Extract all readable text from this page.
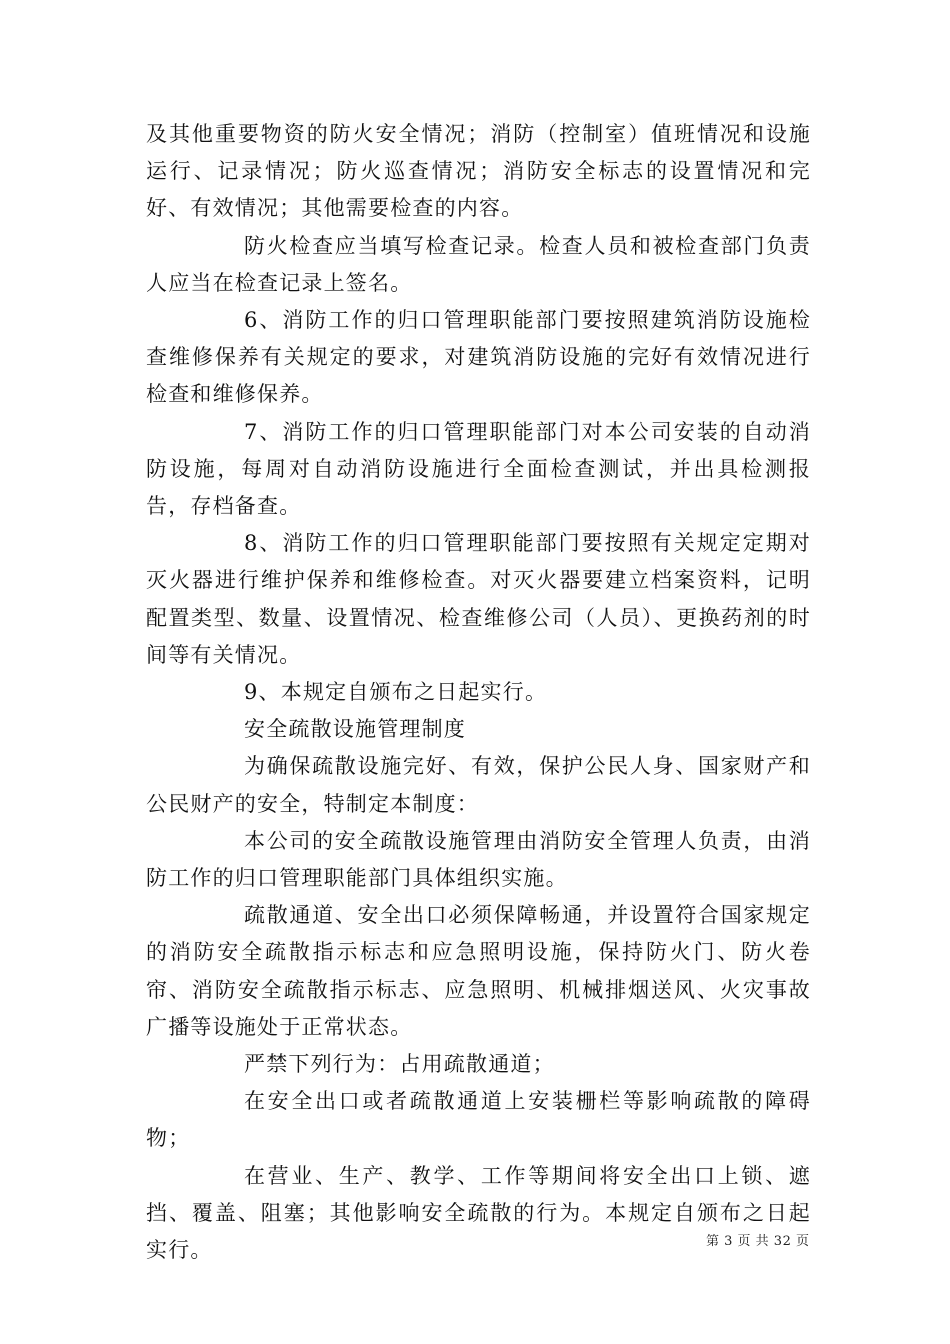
及其他重要物资的防火安全情况；消防（控制室）值班情况和设施运行、记录情况；防火巡查情况；消防安全标志的设置情况和完好、有效情况；其他需要检查的内容。

防火检查应当填写检查记录。检查人员和被检查部门负责人应当在检查记录上签名。

6、消防工作的归口管理职能部门要按照建筑消防设施检查维修保养有关规定的要求，对建筑消防设施的完好有效情况进行检查和维修保养。

7、消防工作的归口管理职能部门对本公司安装的自动消防设施，每周对自动消防设施进行全面检查测试，并出具检测报告，存档备查。

8、消防工作的归口管理职能部门要按照有关规定定期对灭火器进行维护保养和维修检查。对灭火器要建立档案资料，记明配置类型、数量、设置情况、检查维修公司（人员）、更换药剂的时间等有关情况。

9、本规定自颁布之日起实行。

安全疏散设施管理制度

为确保疏散设施完好、有效，保护公民人身、国家财产和公民财产的安全，特制定本制度：

本公司的安全疏散设施管理由消防安全管理人负责，由消防工作的归口管理职能部门具体组织实施。

疏散通道、安全出口必须保障畅通，并设置符合国家规定的消防安全疏散指示标志和应急照明设施，保持防火门、防火卷帘、消防安全疏散指示标志、应急照明、机械排烟送风、火灾事故广播等设施处于正常状态。

严禁下列行为：占用疏散通道；

在安全出口或者疏散通道上安装栅栏等影响疏散的障碍物；

在营业、生产、教学、工作等期间将安全出口上锁、遮挡、覆盖、阻塞；其他影响安全疏散的行为。本规定自颁布之日起实行。	第 3 页 共 32 页
